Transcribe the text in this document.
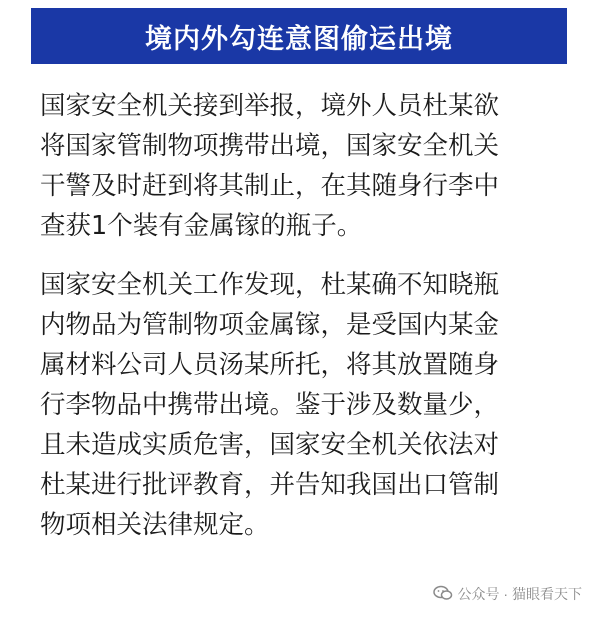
境内外勾连意图偷运出境

国家安全机关接到举报，境外人员杜某欲
将国家管制物项携带出境，国家安全机关
干警及时赶到将其制止，在其随身行李中
查获1个装有金属镓的瓶子。

国家安全机关工作发现，杜某确不知晓瓶
内物品为管制物项金属镓，是受国内某金
属材料公司人员汤某所托，将其放置随身
行李物品中携带出境。鉴于涉及数量少，
且未造成实质危害，国家安全机关依法对
杜某进行批评教育，并告知我国出口管制
物项相关法律规定。

公众号 · 猫眼看天下
